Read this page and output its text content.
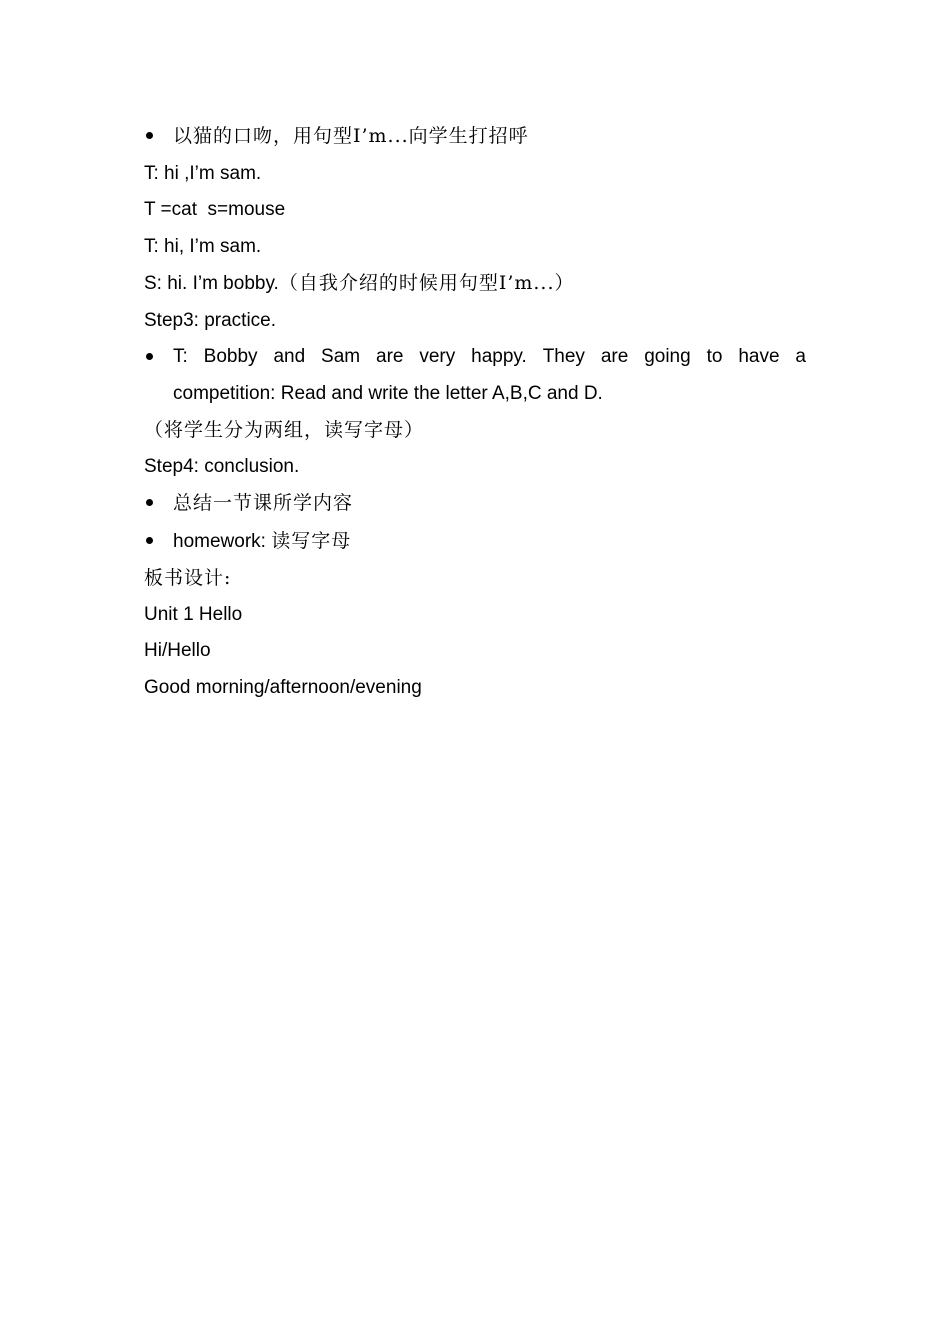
以猫的口吻，用句型I’m...向学生打招呼

T: hi ,I’m sam.

T =cat  s=mouse

T: hi, I’m sam.

S: hi. I’m bobby.（自我介绍的时候用句型I’m...）

Step3: practice.

T: Bobby and Sam are very happy. They are going to have a
competition: Read and write the letter A,B,C and D.

（将学生分为两组，读写字母）

Step4: conclusion.

总结一节课所学内容

homework: 读写字母

板书设计:

Unit 1 Hello

Hi/Hello

Good morning/afternoon/evening
